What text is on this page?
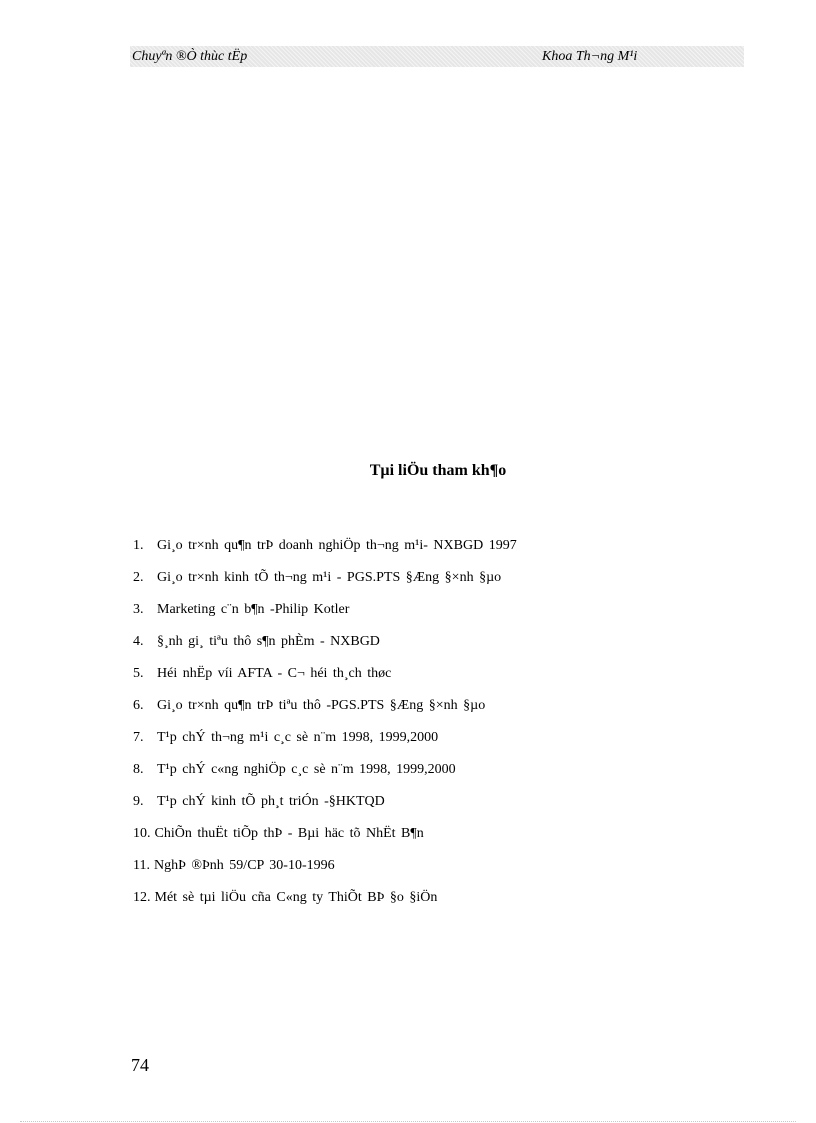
Chuyªn ®Ò thùc tËp	Khoa Th¬ng M¹i
Tµi liÖu tham kh¶o
1. Gi¸o tr×nh qu¶n trÞ doanh nghiÖp th¬ng m¹i- NXBGD 1997
2. Gi¸o tr×nh kinh tÕ th¬ng m¹i - PGS.PTS §Æng §×nh §µo
3. Marketing c¨n b¶n -Philip Kotler
4. §¸nh gi¸ tiªu thô s¶n phÈm - NXBGD
5. Héi nhËp víi AFTA - C¬ héi th¸ch thøc
6. Gi¸o tr×nh qu¶n trÞ tiªu thô -PGS.PTS §Æng §×nh §µo
7. T¹p chÝ th¬ng m¹i c¸c sè n¨m 1998, 1999,2000
8. T¹p chÝ c«ng nghiÖp c¸c sè n¨m 1998, 1999,2000
9. T¹p chÝ kinh tÕ ph¸t triÓn -§HKTQD
10. ChiÕn thuËt tiÕp thÞ - Bµi häc tõ NhËt B¶n
11. NghÞ ®Þnh 59/CP 30-10-1996
12. Mét sè tµi liÖu cña C«ng ty ThiÕt BÞ §o §iÖn
74
